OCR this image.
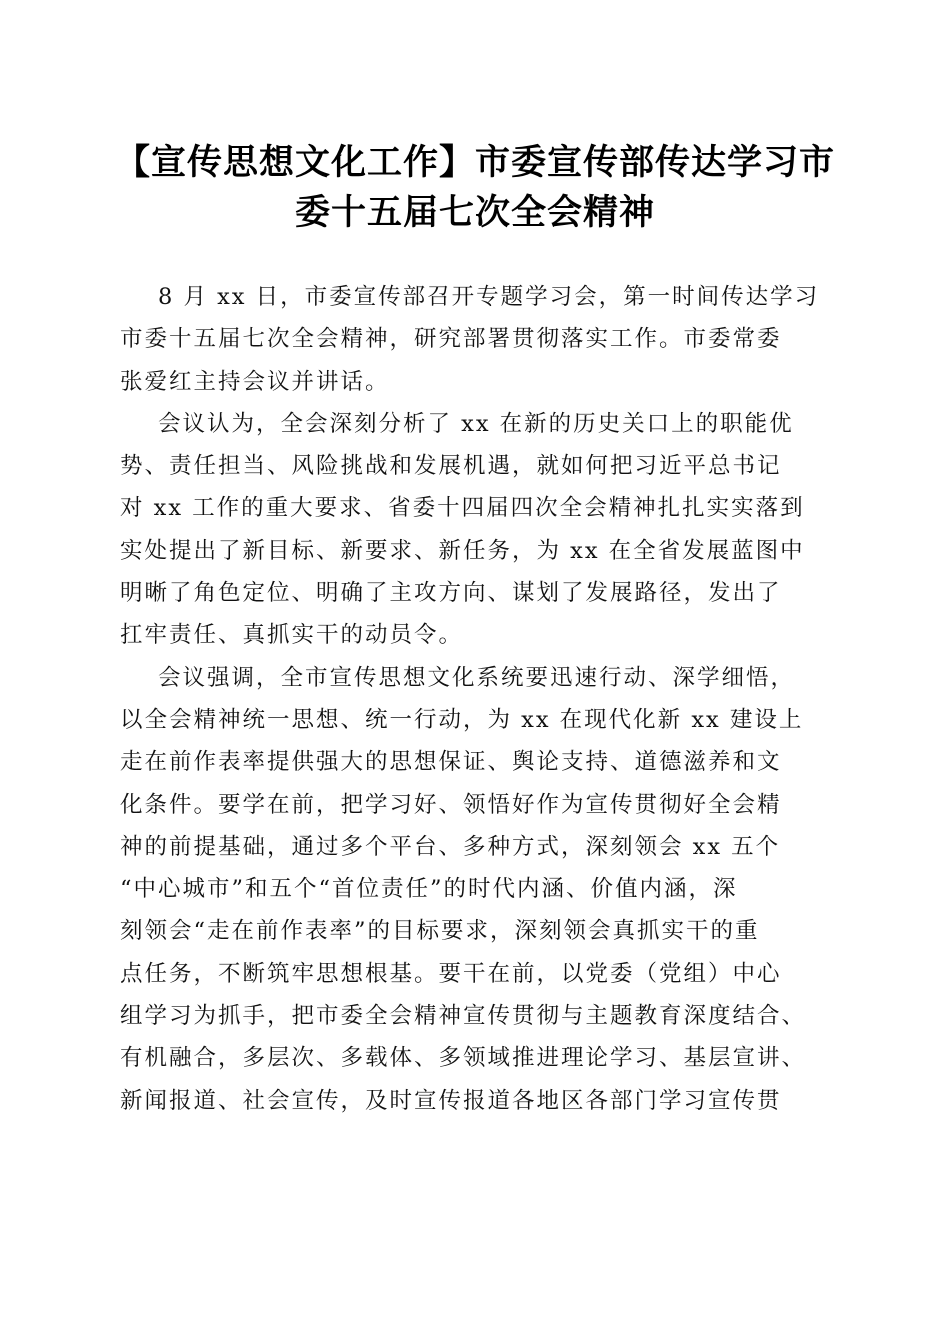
【宣传思想文化工作】市委宣传部传达学习市
委十五届七次全会精神
8 月 xx 日，市委宣传部召开专题学习会，第一时间传达学习
市委十五届七次全会精神，研究部署贯彻落实工作。市委常委
张爱红主持会议并讲话。
会议认为，全会深刻分析了 xx 在新的历史关口上的职能优
势、责任担当、风险挑战和发展机遇，就如何把习近平总书记
对 xx 工作的重大要求、省委十四届四次全会精神扎扎实实落到
实处提出了新目标、新要求、新任务，为 xx 在全省发展蓝图中
明晰了角色定位、明确了主攻方向、谋划了发展路径，发出了
扛牢责任、真抓实干的动员令。
会议强调，全市宣传思想文化系统要迅速行动、深学细悟，
以全会精神统一思想、统一行动，为 xx 在现代化新 xx 建设上
走在前作表率提供强大的思想保证、舆论支持、道德滋养和文
化条件。要学在前，把学习好、领悟好作为宣传贯彻好全会精
神的前提基础，通过多个平台、多种方式，深刻领会 xx 五个
“中心城市”和五个“首位责任”的时代内涵、价值内涵，深
刻领会“走在前作表率”的目标要求，深刻领会真抓实干的重
点任务，不断筑牢思想根基。要干在前，以党委（党组）中心
组学习为抓手，把市委全会精神宣传贯彻与主题教育深度结合、
有机融合，多层次、多载体、多领域推进理论学习、基层宣讲、
新闻报道、社会宣传，及时宣传报道各地区各部门学习宣传贯
